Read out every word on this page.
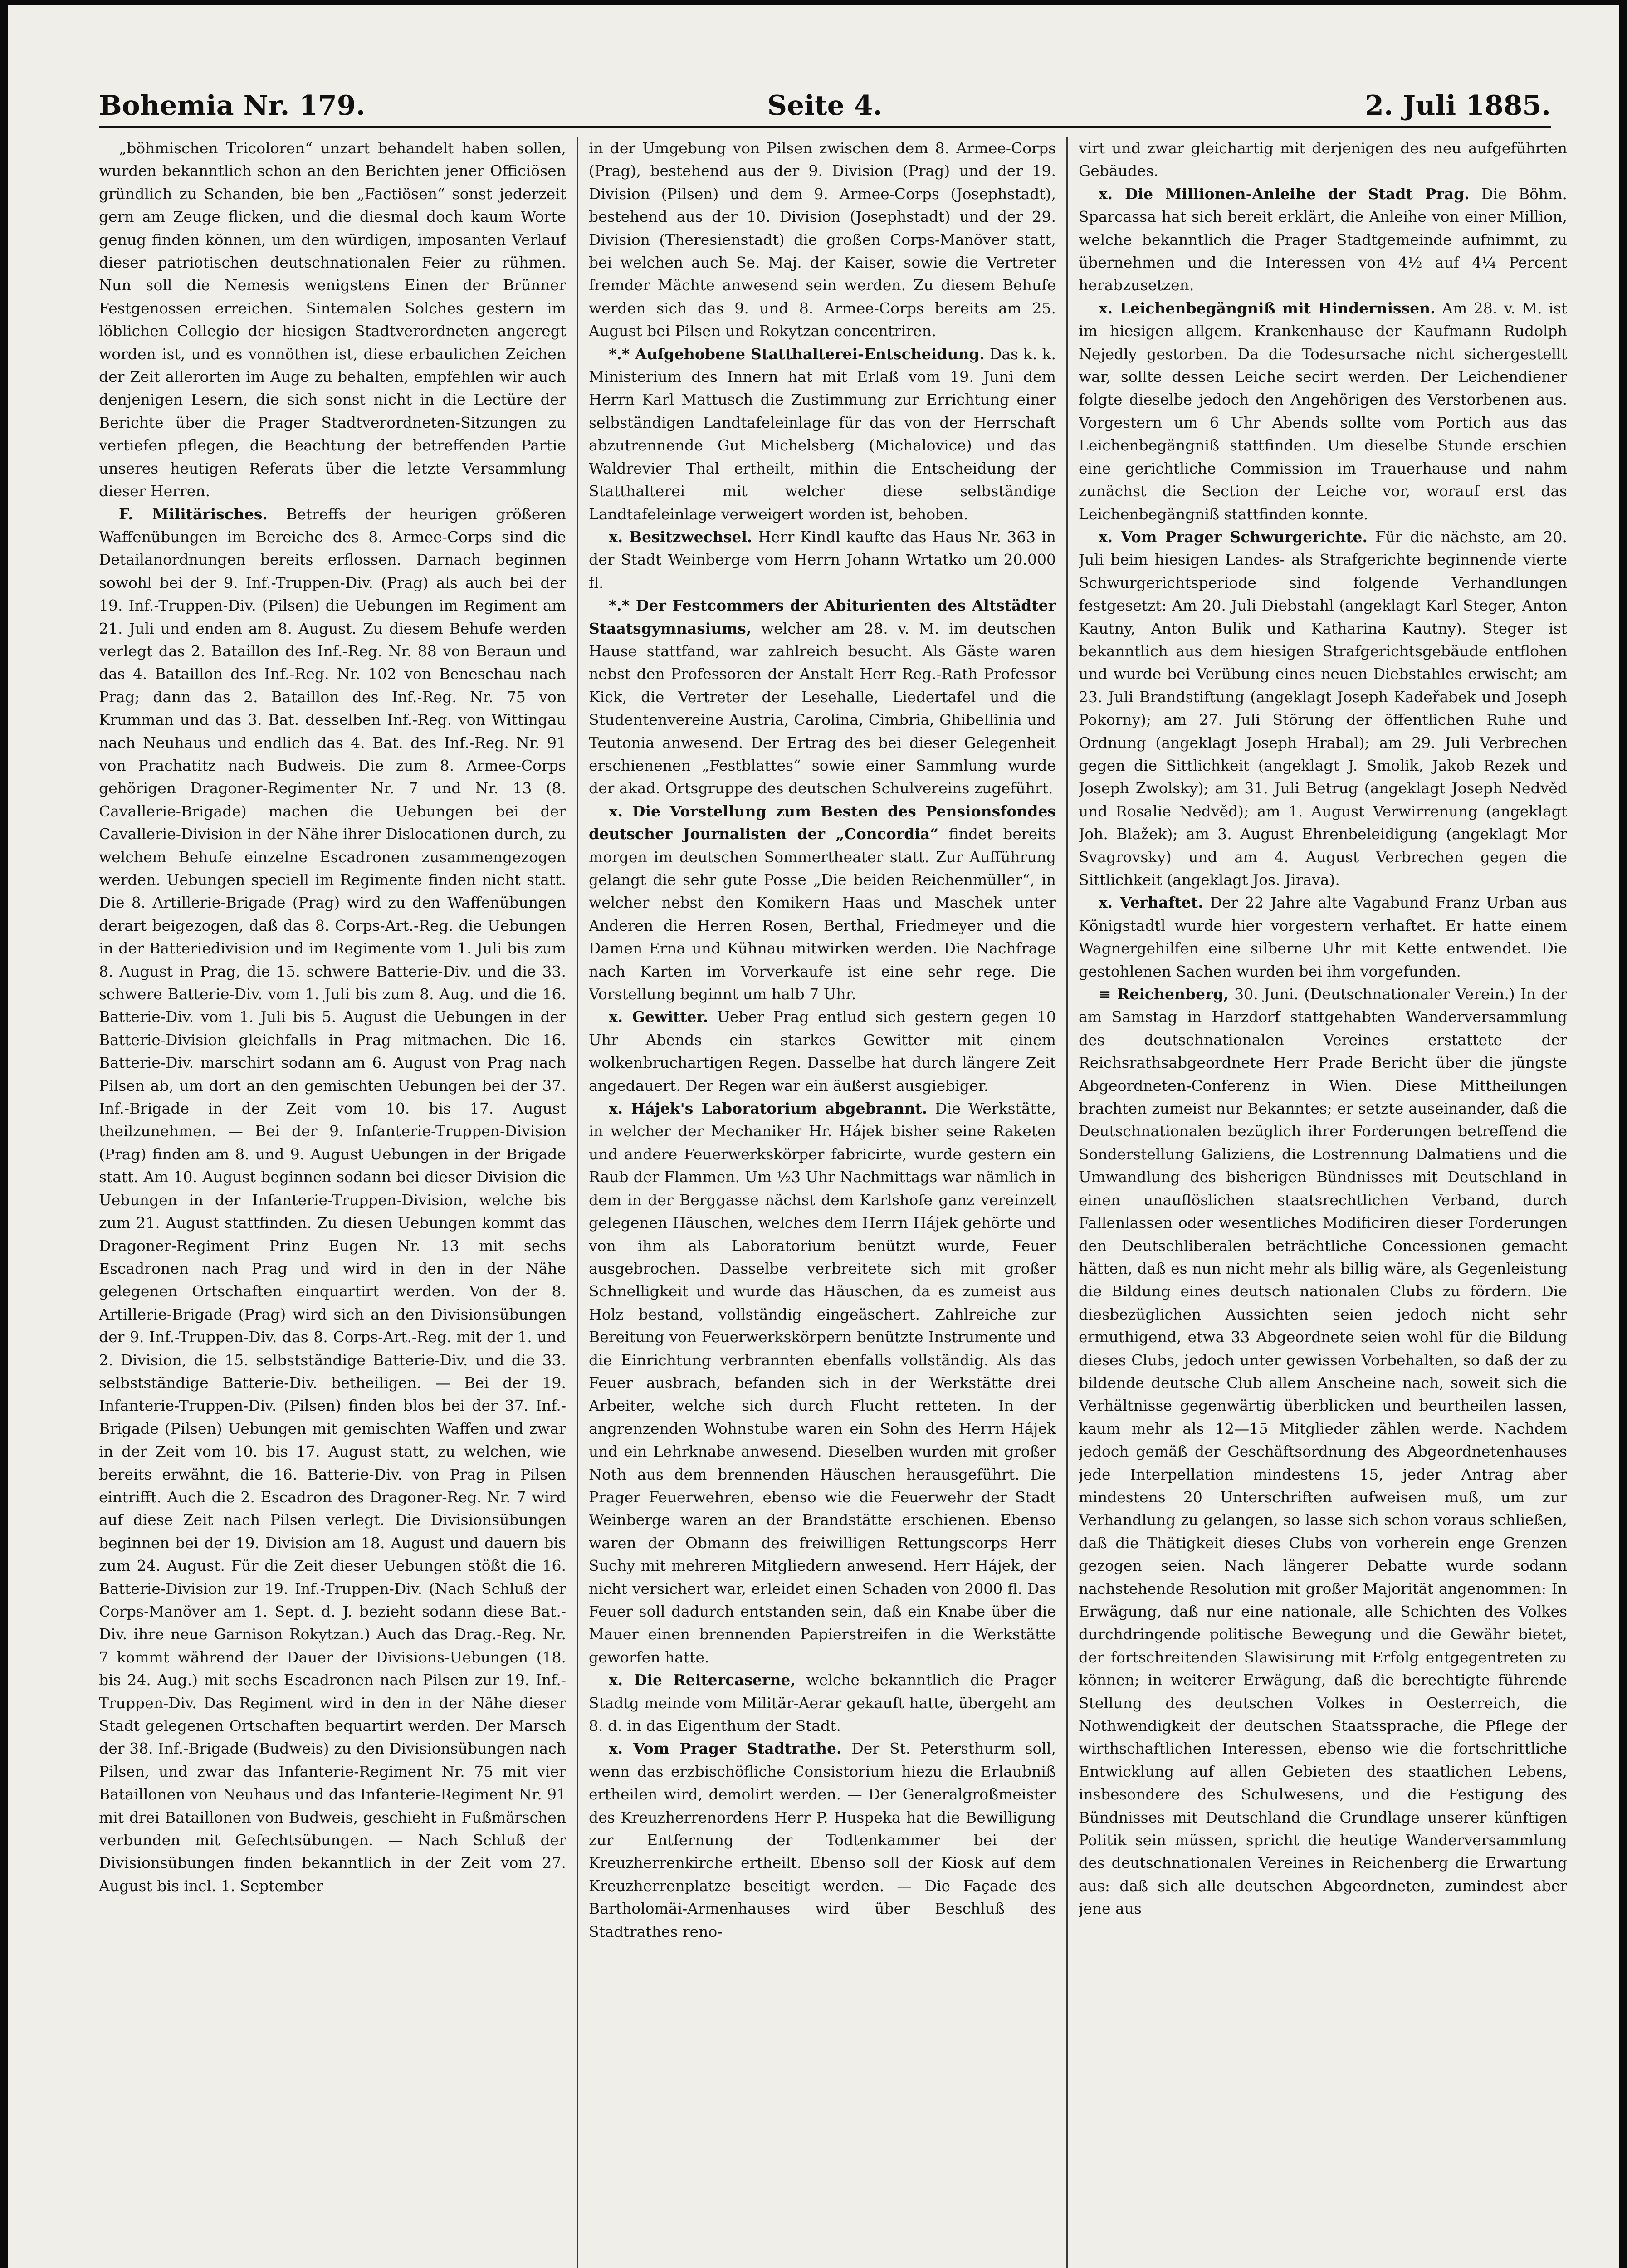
Bohemia Nr. 179.	Seite 4.	2. Juli 1885.

„böhmischen Tricoloren“ unzart behandelt haben sollen, wurden bekanntlich schon an den Berichten jener Officiösen gründlich zu Schanden, bie ben „Factiösen“ sonst jederzeit gern am Zeuge flicken, und die diesmal doch kaum Worte genug finden können, um den würdigen, imposanten Verlauf dieser patriotischen deutschnationalen Feier zu rühmen. Nun soll die Nemesis wenigstens Einen der Brünner Festgenossen erreichen. Sintemalen Solches gestern im löblichen Collegio der hiesigen Stadtverordneten angeregt worden ist, und es vonnöthen ist, diese erbaulichen Zeichen der Zeit allerorten im Auge zu behalten, empfehlen wir auch denjenigen Lesern, die sich sonst nicht in die Lectüre der Berichte über die Prager Stadtverordneten-Sitzungen zu vertiefen pflegen, die Beachtung der betreffenden Partie unseres heutigen Referats über die letzte Versammlung dieser Herren.

F. Militärisches. Betreffs der heurigen größeren Waffenübungen im Bereiche des 8. Armee-Corps sind die Detailanordnungen bereits erflossen. Darnach beginnen sowohl bei der 9. Inf.-Truppen-Div. (Prag) als auch bei der 19. Inf.-Truppen-Div. (Pilsen) die Uebungen im Regiment am 21. Juli und enden am 8. August. Zu diesem Behufe werden verlegt das 2. Bataillon des Inf.-Reg. Nr. 88 von Beraun und das 4. Bataillon des Inf.-Reg. Nr. 102 von Beneschau nach Prag; dann das 2. Bataillon des Inf.-Reg. Nr. 75 von Krumman und das 3. Bat. desselben Inf.-Reg. von Wittingau nach Neuhaus und endlich das 4. Bat. des Inf.-Reg. Nr. 91 von Prachatitz nach Budweis. Die zum 8. Armee-Corps gehörigen Dragoner-Regimenter Nr. 7 und Nr. 13 (8. Cavallerie-Brigade) machen die Uebungen bei der Cavallerie-Division in der Nähe ihrer Dislocationen durch, zu welchem Behufe einzelne Escadronen zusammengezogen werden. Uebungen speciell im Regimente finden nicht statt. Die 8. Artillerie-Brigade (Prag) wird zu den Waffenübungen derart beigezogen, daß das 8. Corps-Art.-Reg. die Uebungen in der Batteriedivision und im Regimente vom 1. Juli bis zum 8. August in Prag, die 15. schwere Batterie-Div. und die 33. schwere Batterie-Div. vom 1. Juli bis zum 8. Aug. und die 16. Batterie-Div. vom 1. Juli bis 5. August die Uebungen in der Batterie-Division gleichfalls in Prag mitmachen. Die 16. Batterie-Div. marschirt sodann am 6. August von Prag nach Pilsen ab, um dort an den gemischten Uebungen bei der 37. Inf.-Brigade in der Zeit vom 10. bis 17. August theilzunehmen. — Bei der 9. Infanterie-Truppen-Division (Prag) finden am 8. und 9. August Uebungen in der Brigade statt. Am 10. August beginnen sodann bei dieser Division die Uebungen in der Infanterie-Truppen-Division, welche bis zum 21. August stattfinden. Zu diesen Uebungen kommt das Dragoner-Regiment Prinz Eugen Nr. 13 mit sechs Escadronen nach Prag und wird in den in der Nähe gelegenen Ortschaften einquartirt werden. Von der 8. Artillerie-Brigade (Prag) wird sich an den Divisionsübungen der 9. Inf.-Truppen-Div. das 8. Corps-Art.-Reg. mit der 1. und 2. Division, die 15. selbstständige Batterie-Div. und die 33. selbstständige Batterie-Div. betheiligen. — Bei der 19. Infanterie-Truppen-Div. (Pilsen) finden blos bei der 37. Inf.-Brigade (Pilsen) Uebungen mit gemischten Waffen und zwar in der Zeit vom 10. bis 17. August statt, zu welchen, wie bereits erwähnt, die 16. Batterie-Div. von Prag in Pilsen eintrifft. Auch die 2. Escadron des Dragoner-Reg. Nr. 7 wird auf diese Zeit nach Pilsen verlegt. Die Divisionsübungen beginnen bei der 19. Division am 18. August und dauern bis zum 24. August. Für die Zeit dieser Uebungen stößt die 16. Batterie-Division zur 19. Inf.-Truppen-Div. (Nach Schluß der Corps-Manöver am 1. Sept. d. J. bezieht sodann diese Bat.-Div. ihre neue Garnison Rokytzan.) Auch das Drag.-Reg. Nr. 7 kommt während der Dauer der Divisions-Uebungen (18. bis 24. Aug.) mit sechs Escadronen nach Pilsen zur 19. Inf.-Truppen-Div. Das Regiment wird in den in der Nähe dieser Stadt gelegenen Ortschaften bequartirt werden. Der Marsch der 38. Inf.-Brigade (Budweis) zu den Divisionsübungen nach Pilsen, und zwar das Infanterie-Regiment Nr. 75 mit vier Bataillonen von Neuhaus und das Infanterie-Regiment Nr. 91 mit drei Bataillonen von Budweis, geschieht in Fußmärschen verbunden mit Gefechtsübungen. — Nach Schluß der Divisionsübungen finden bekanntlich in der Zeit vom 27. August bis incl. 1. September

in der Umgebung von Pilsen zwischen dem 8. Armee-Corps (Prag), bestehend aus der 9. Division (Prag) und der 19. Division (Pilsen) und dem 9. Armee-Corps (Josephstadt), bestehend aus der 10. Division (Josephstadt) und der 29. Division (Theresienstadt) die großen Corps-Manöver statt, bei welchen auch Se. Maj. der Kaiser, sowie die Vertreter fremder Mächte anwesend sein werden. Zu diesem Behufe werden sich das 9. und 8. Armee-Corps bereits am 25. August bei Pilsen und Rokytzan concentriren.

*.* Aufgehobene Statthalterei-Entscheidung. Das k. k. Ministerium des Innern hat mit Erlaß vom 19. Juni dem Herrn Karl Mattusch die Zustimmung zur Errichtung einer selbständigen Landtafeleinlage für das von der Herrschaft abzutrennende Gut Michelsberg (Michalovice) und das Waldrevier Thal ertheilt, mithin die Entscheidung der Statthalterei mit welcher diese selbständige Landtafeleinlage verweigert worden ist, behoben.

x. Besitzwechsel. Herr Kindl kaufte das Haus Nr. 363 in der Stadt Weinberge vom Herrn Johann Wrtatko um 20.000 fl.

*.* Der Festcommers der Abiturienten des Altstädter Staatsgymnasiums, welcher am 28. v. M. im deutschen Hause stattfand, war zahlreich besucht. Als Gäste waren nebst den Professoren der Anstalt Herr Reg.-Rath Professor Kick, die Vertreter der Lesehalle, Liedertafel und die Studentenvereine Austria, Carolina, Cimbria, Ghibellinia und Teutonia anwesend. Der Ertrag des bei dieser Gelegenheit erschienenen „Festblattes“ sowie einer Sammlung wurde der akad. Ortsgruppe des deutschen Schulvereins zugeführt.

x. Die Vorstellung zum Besten des Pensionsfondes deutscher Journalisten der „Concordia“ findet bereits morgen im deutschen Sommertheater statt. Zur Aufführung gelangt die sehr gute Posse „Die beiden Reichenmüller“, in welcher nebst den Komikern Haas und Maschek unter Anderen die Herren Rosen, Berthal, Friedmeyer und die Damen Erna und Kühnau mitwirken werden. Die Nachfrage nach Karten im Vorverkaufe ist eine sehr rege. Die Vorstellung beginnt um halb 7 Uhr.

x. Gewitter. Ueber Prag entlud sich gestern gegen 10 Uhr Abends ein starkes Gewitter mit einem wolkenbruchartigen Regen. Dasselbe hat durch längere Zeit angedauert. Der Regen war ein äußerst ausgiebiger.

x. Hájek's Laboratorium abgebrannt. Die Werkstätte, in welcher der Mechaniker Hr. Hájek bisher seine Raketen und andere Feuerwerkskörper fabricirte, wurde gestern ein Raub der Flammen. Um ½3 Uhr Nachmittags war nämlich in dem in der Berggasse nächst dem Karlshofe ganz vereinzelt gelegenen Häuschen, welches dem Herrn Hájek gehörte und von ihm als Laboratorium benützt wurde, Feuer ausgebrochen. Dasselbe verbreitete sich mit großer Schnelligkeit und wurde das Häuschen, da es zumeist aus Holz bestand, vollständig eingeäschert. Zahlreiche zur Bereitung von Feuerwerkskörpern benützte Instrumente und die Einrichtung verbrannten ebenfalls vollständig. Als das Feuer ausbrach, befanden sich in der Werkstätte drei Arbeiter, welche sich durch Flucht retteten. In der angrenzenden Wohnstube waren ein Sohn des Herrn Hájek und ein Lehrknabe anwesend. Dieselben wurden mit großer Noth aus dem brennenden Häuschen herausgeführt. Die Prager Feuerwehren, ebenso wie die Feuerwehr der Stadt Weinberge waren an der Brandstätte erschienen. Ebenso waren der Obmann des freiwilligen Rettungscorps Herr Suchy mit mehreren Mitgliedern anwesend. Herr Hájek, der nicht versichert war, erleidet einen Schaden von 2000 fl. Das Feuer soll dadurch entstanden sein, daß ein Knabe über die Mauer einen brennenden Papierstreifen in die Werkstätte geworfen hatte.

x. Die Reitercaserne, welche bekanntlich die Prager Stadtg meinde vom Militär-Aerar gekauft hatte, übergeht am 8. d. in das Eigenthum der Stadt.

x. Vom Prager Stadtrathe. Der St. Petersthurm soll, wenn das erzbischöfliche Consistorium hiezu die Erlaubniß ertheilen wird, demolirt werden. — Der Generalgroßmeister des Kreuzherrenordens Herr P. Huspeka hat die Bewilligung zur Entfernung der Todtenkammer bei der Kreuzherrenkirche ertheilt. Ebenso soll der Kiosk auf dem Kreuzherrenplatze beseitigt werden. — Die Façade des Bartholomäi-Armenhauses wird über Beschluß des Stadtrathes reno-

virt und zwar gleichartig mit derjenigen des neu aufgeführten Gebäudes.

x. Die Millionen-Anleihe der Stadt Prag. Die Böhm. Sparcassa hat sich bereit erklärt, die Anleihe von einer Million, welche bekanntlich die Prager Stadtgemeinde aufnimmt, zu übernehmen und die Interessen von 4½ auf 4¼ Percent herabzusetzen.

x. Leichenbegängniß mit Hindernissen. Am 28. v. M. ist im hiesigen allgem. Krankenhause der Kaufmann Rudolph Nejedly gestorben. Da die Todesursache nicht sichergestellt war, sollte dessen Leiche secirt werden. Der Leichendiener folgte dieselbe jedoch den Angehörigen des Verstorbenen aus. Vorgestern um 6 Uhr Abends sollte vom Portich aus das Leichenbegängniß stattfinden. Um dieselbe Stunde erschien eine gerichtliche Commission im Trauerhause und nahm zunächst die Section der Leiche vor, worauf erst das Leichenbegängniß stattfinden konnte.

x. Vom Prager Schwurgerichte. Für die nächste, am 20. Juli beim hiesigen Landes- als Strafgerichte beginnende vierte Schwurgerichtsperiode sind folgende Verhandlungen festgesetzt: Am 20. Juli Diebstahl (angeklagt Karl Steger, Anton Kautny, Anton Bulik und Katharina Kautny). Steger ist bekanntlich aus dem hiesigen Strafgerichtsgebäude entflohen und wurde bei Verübung eines neuen Diebstahles erwischt; am 23. Juli Brandstiftung (angeklagt Joseph Kadeřabek und Joseph Pokorny); am 27. Juli Störung der öffentlichen Ruhe und Ordnung (angeklagt Joseph Hrabal); am 29. Juli Verbrechen gegen die Sittlichkeit (angeklagt J. Smolik, Jakob Rezek und Joseph Zwolsky); am 31. Juli Betrug (angeklagt Joseph Nedvěd und Rosalie Nedvěd); am 1. August Verwirrenung (angeklagt Joh. Blažek); am 3. August Ehrenbeleidigung (angeklagt Mor Svagrovsky) und am 4. August Verbrechen gegen die Sittlichkeit (angeklagt Jos. Jirava).

x. Verhaftet. Der 22 Jahre alte Vagabund Franz Urban aus Königstadtl wurde hier vorgestern verhaftet. Er hatte einem Wagnergehilfen eine silberne Uhr mit Kette entwendet. Die gestohlenen Sachen wurden bei ihm vorgefunden.

≡ Reichenberg, 30. Juni. (Deutschnationaler Verein.) In der am Samstag in Harzdorf stattgehabten Wanderversammlung des deutschnationalen Vereines erstattete der Reichsrathsabgeordnete Herr Prade Bericht über die jüngste Abgeordneten-Conferenz in Wien. Diese Mittheilungen brachten zumeist nur Bekanntes; er setzte auseinander, daß die Deutschnationalen bezüglich ihrer Forderungen betreffend die Sonderstellung Galiziens, die Lostrennung Dalmatiens und die Umwandlung des bisherigen Bündnisses mit Deutschland in einen unauflöslichen staatsrechtlichen Verband, durch Fallenlassen oder wesentliches Modificiren dieser Forderungen den Deutschliberalen beträchtliche Concessionen gemacht hätten, daß es nun nicht mehr als billig wäre, als Gegenleistung die Bildung eines deutsch nationalen Clubs zu fördern. Die diesbezüglichen Aussichten seien jedoch nicht sehr ermuthigend, etwa 33 Abgeordnete seien wohl für die Bildung dieses Clubs, jedoch unter gewissen Vorbehalten, so daß der zu bildende deutsche Club allem Anscheine nach, soweit sich die Verhältnisse gegenwärtig überblicken und beurtheilen lassen, kaum mehr als 12—15 Mitglieder zählen werde. Nachdem jedoch gemäß der Geschäftsordnung des Abgeordnetenhauses jede Interpellation mindestens 15, jeder Antrag aber mindestens 20 Unterschriften aufweisen muß, um zur Verhandlung zu gelangen, so lasse sich schon voraus schließen, daß die Thätigkeit dieses Clubs von vorherein enge Grenzen gezogen seien. Nach längerer Debatte wurde sodann nachstehende Resolution mit großer Majorität angenommen: In Erwägung, daß nur eine nationale, alle Schichten des Volkes durchdringende politische Bewegung und die Gewähr bietet, der fortschreitenden Slawisirung mit Erfolg entgegentreten zu können; in weiterer Erwägung, daß die berechtigte führende Stellung des deutschen Volkes in Oesterreich, die Nothwendigkeit der deutschen Staatssprache, die Pflege der wirthschaftlichen Interessen, ebenso wie die fortschrittliche Entwicklung auf allen Gebieten des staatlichen Lebens, insbesondere des Schulwesens, und die Festigung des Bündnisses mit Deutschland die Grundlage unserer künftigen Politik sein müssen, spricht die heutige Wanderversammlung des deutschnationalen Vereines in Reichenberg die Erwartung aus: daß sich alle deutschen Abgeordneten, zumindest aber jene aus
